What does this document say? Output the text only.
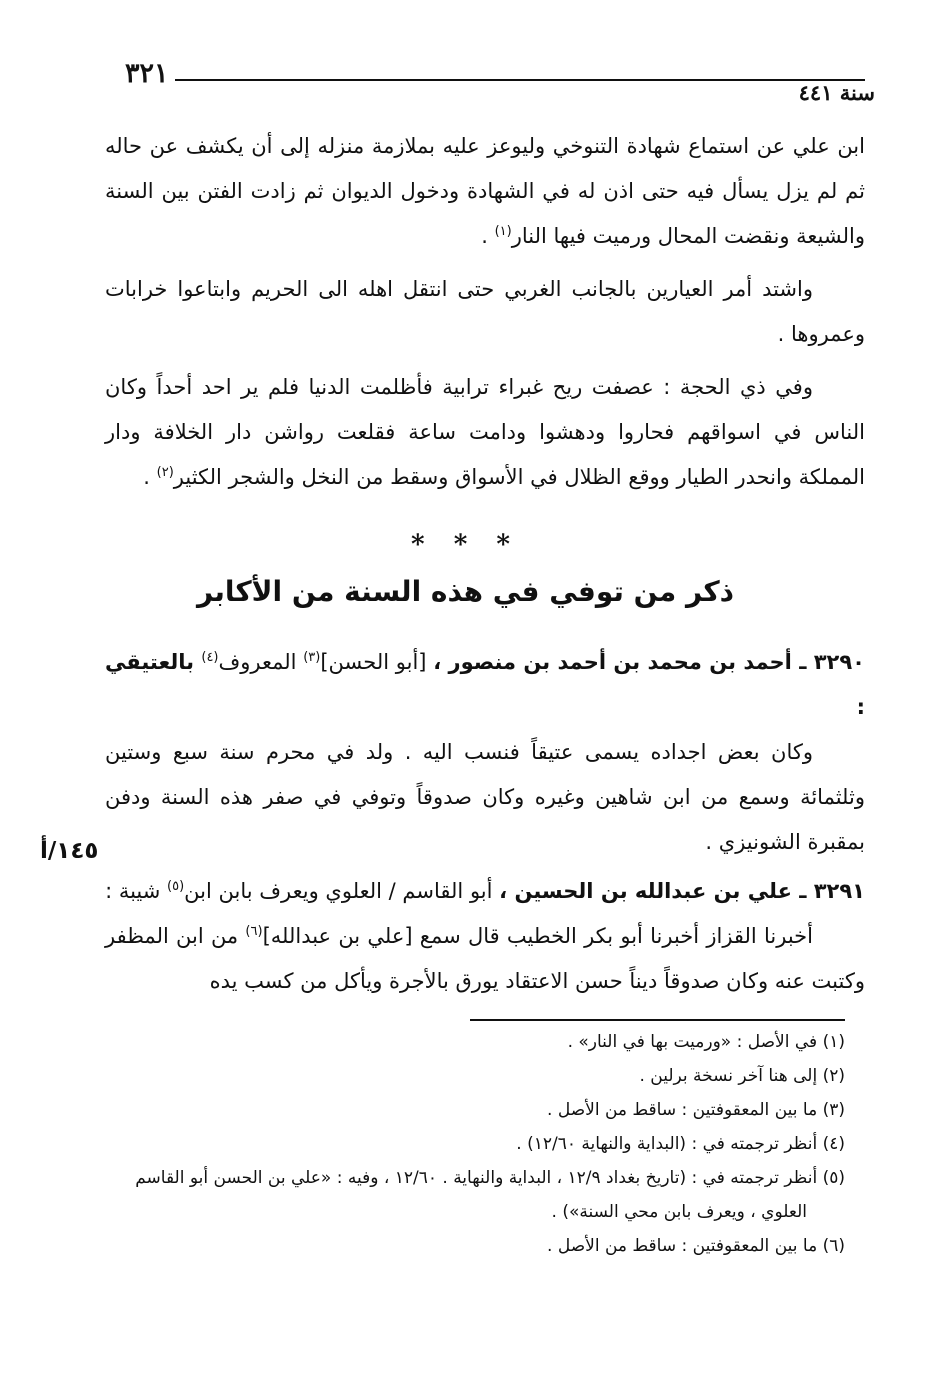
٣٢١
سنة ٤٤١

ابن علي عن استماع شهادة التنوخي وليوعز عليه بملازمة منزله إلى أن يكشف عن حاله ثم لم يزل يسأل فيه حتى اذن له في الشهادة ودخول الديوان ثم زادت الفتن بين السنة والشيعة ونقضت المحال ورميت فيها النار$^{(١)}$ .

واشتد أمر العيارين بالجانب الغربي حتى انتقل اهله الى الحريم وابتاعوا خرابات وعمروها .

وفي ذي الحجة : عصفت ريح غبراء ترابية فأظلمت الدنيا فلم ير احد أحداً وكان الناس في اسواقهم فحاروا ودهشوا ودامت ساعة فقلعت رواشن دار الخلافة ودار المملكة وانحدر الطيار ووقع الظلال في الأسواق وسقط من النخل والشجر الكثير$^{(٢)}$ .

* * *
ذكر من توفي في هذه السنة من الأكابر

٣٢٩٠ ـ أحمد بن محمد بن أحمد بن منصور ، [أبو الحسن]$^{(٣)}$ المعروف$^{(٤)}$ بالعتيقي :

وكان بعض اجداده يسمى عتيقاً فنسب اليه . ولد في محرم سنة سبع وستين وثلثمائة وسمع من ابن شاهين وغيره وكان صدوقاً وتوفي في صفر هذه السنة ودفن بمقبرة الشونيزي .

٣٢٩١ ـ علي بن عبدالله بن الحسين ، أبو القاسم / العلوي ويعرف بابن ابن$^{(٥)}$ شيبة :

أخبرنا القزاز أخبرنا أبو بكر الخطيب قال سمع [علي بن عبدالله]$^{(٦)}$ من ابن المظفر وكتبت عنه وكان صدوقاً ديناً حسن الاعتقاد يورق بالأجرة ويأكل من كسب يده

١٤٥/أ

(١) في الأصل : «ورميت بها في النار» .

(٢) إلى هنا آخر نسخة برلين .

(٣) ما بين المعقوفتين : ساقط من الأصل .

(٤) أنظر ترجمته في : (البداية والنهاية ١٢/٦٠) .

(٥) أنظر ترجمته في : (تاريخ بغداد ١٢/٩ ، البداية والنهاية . ١٢/٦٠ ، وفيه : «علي بن الحسن أبو القاسم

العلوي ، ويعرف بابن محي السنة») .

(٦) ما بين المعقوفتين : ساقط من الأصل .
